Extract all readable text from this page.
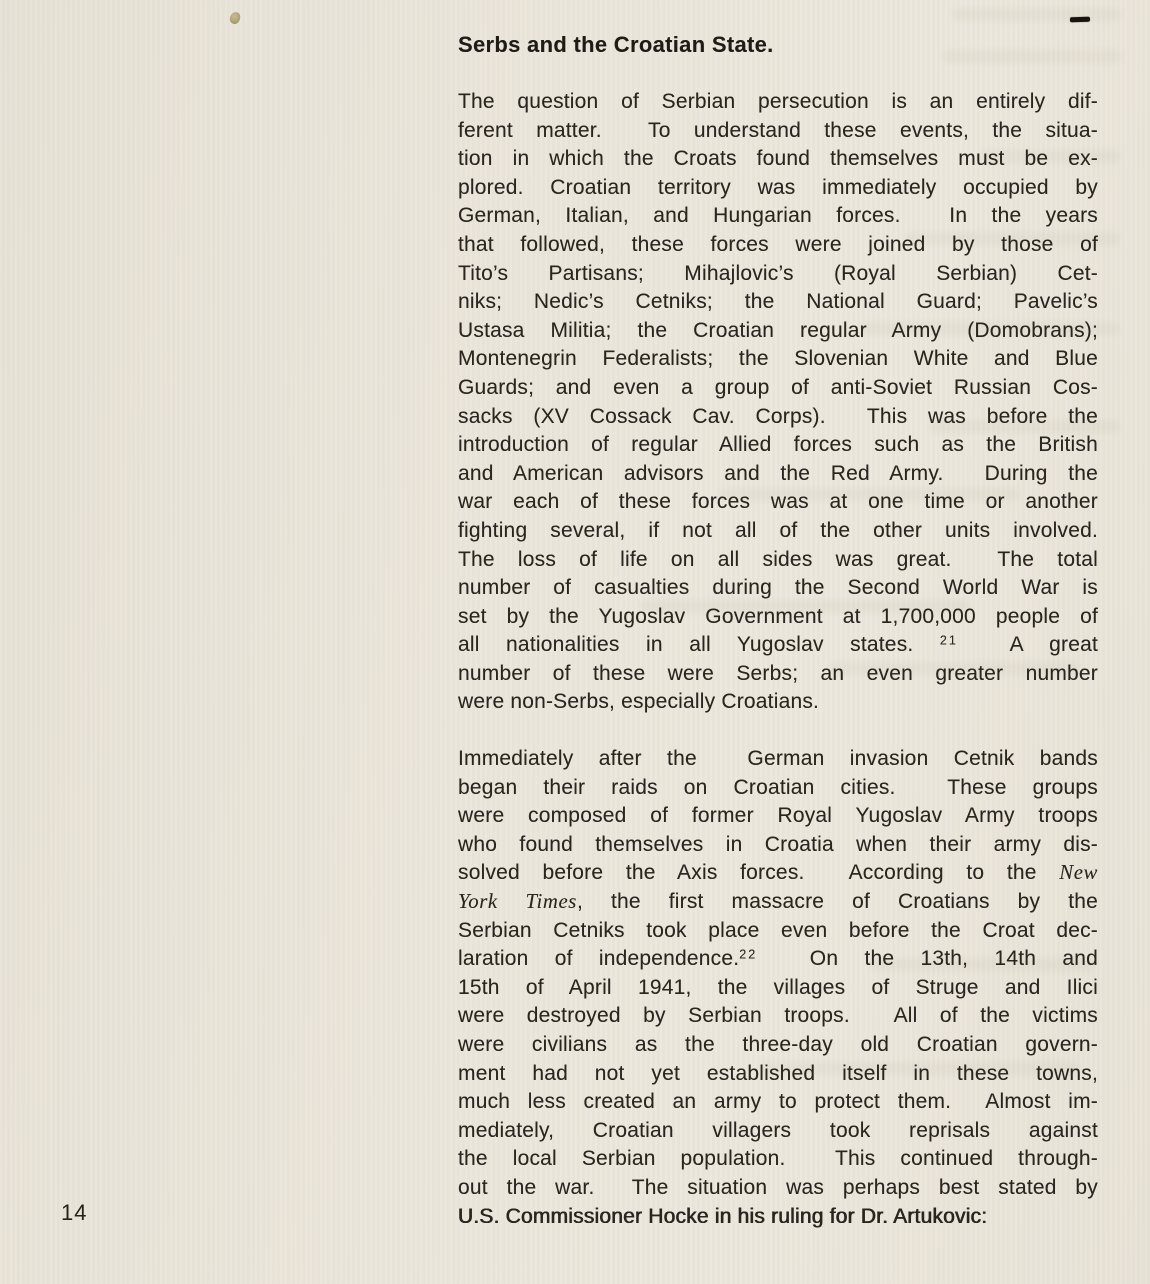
Serbs and the Croatian State.
The question of Serbian persecution is an entirely dif-
ferent matter.  To understand these events, the situa-
tion in which the Croats found themselves must be ex-
plored. Croatian territory was immediately occupied by
German, Italian, and Hungarian forces.  In the years
that followed, these forces were joined by those of
Tito’s Partisans; Mihajlovic’s (Royal Serbian) Cet-
niks; Nedic’s Cetniks; the National Guard; Pavelic’s
Ustasa Militia; the Croatian regular Army (Domobrans);
Montenegrin Federalists; the Slovenian White and Blue
Guards; and even a group of anti-Soviet Russian Cos-
sacks (XV Cossack Cav. Corps).  This was before the
introduction of regular Allied forces such as the British
and American advisors and the Red Army.  During the
war each of these forces was at one time or another
fighting several, if not all of the other units involved.
The loss of life on all sides was great.  The total
number of casualties during the Second World War is
set by the Yugoslav Government at 1,700,000 people of
all nationalities in all Yugoslav states. $^{21}$  A great
number of these were Serbs; an even greater number
were non-Serbs, especially Croatians.
Immediately after the  German invasion Cetnik bands
began their raids on Croatian cities.  These groups
were composed of former Royal Yugoslav Army troops
who found themselves in Croatia when their army dis-
solved before the Axis forces.  According to the New
York Times, the first massacre of Croatians by the
Serbian Cetniks took place even before the Croat dec-
laration of independence.$^{22}$  On the 13th, 14th and
15th of April 1941, the villages of Struge and Ilici
were destroyed by Serbian troops.  All of the victims
were civilians as the three-day old Croatian govern-
ment had not yet established itself in these towns,
much less created an army to protect them.  Almost im-
mediately, Croatian villagers took reprisals against
the local Serbian population.  This continued through-
out the war.  The situation was perhaps best stated by
U.S. Commissioner Hocke in his ruling for Dr. Artukovic:
14
